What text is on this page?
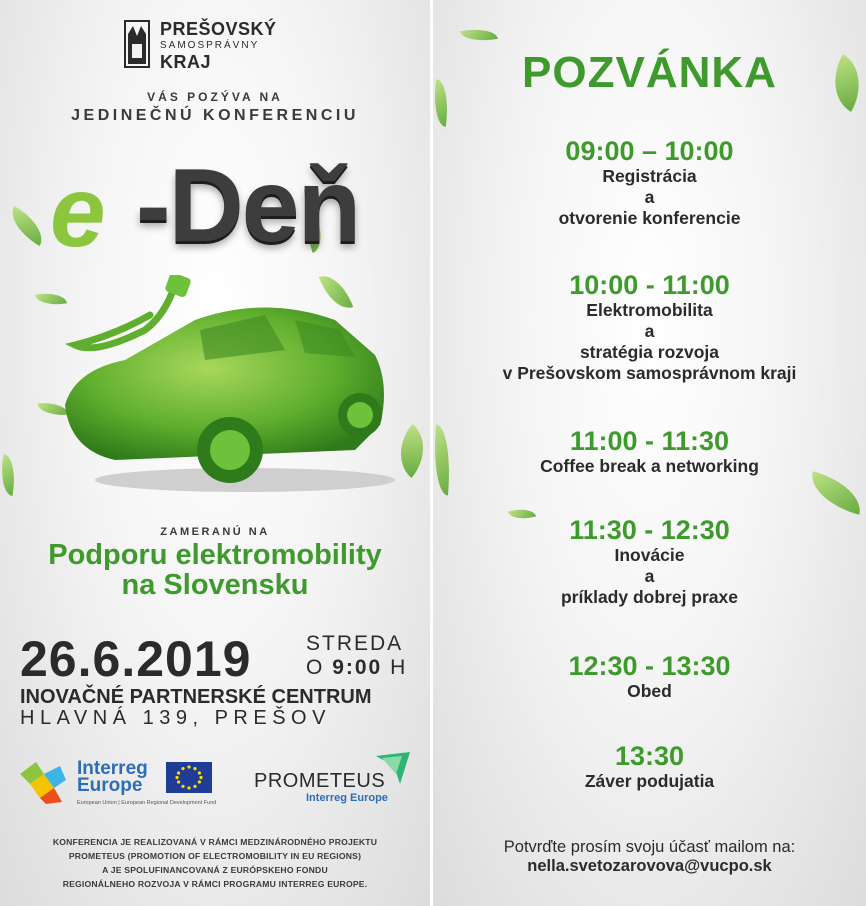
PREŠOVSKÝ
SAMOSPRÁVNY
KRAJ
VÁS POZÝVA NA
JEDINEČNÚ KONFERENCIU
e -Deň
ZAMERANÚ NA
Podporu elektromobility
na Slovensku
26.6.2019	STREDA
O 9:00 H
INOVAČNÉ PARTNERSKÉ CENTRUM
HLAVNÁ 139, PREŠOV
Interreg
Europe
European Union | European Regional Development Fund
PROMETEUS
Interreg Europe
KONFERENCIA JE REALIZOVANÁ V RÁMCI MEDZINÁRODNÉHO PROJEKTU
PROMETEUS (PROMOTION OF ELECTROMOBILITY IN EU REGIONS)
A JE SPOLUFINANCOVANÁ Z EURÓPSKEHO FONDU
REGIONÁLNEHO ROZVOJA V RÁMCI PROGRAMU INTERREG EUROPE.
POZVÁNKA
09:00 – 10:00
Registrácia
a
otvorenie konferencie
10:00 - 11:00
Elektromobilita
a
stratégia rozvoja
v Prešovskom samosprávnom kraji
11:00 - 11:30
Coffee break a networking
11:30 - 12:30
Inovácie
a
príklady dobrej praxe
12:30 - 13:30
Obed
13:30
Záver podujatia
Potvrďte prosím svoju účasť mailom na:
nella.svetozarovova@vucpo.sk
